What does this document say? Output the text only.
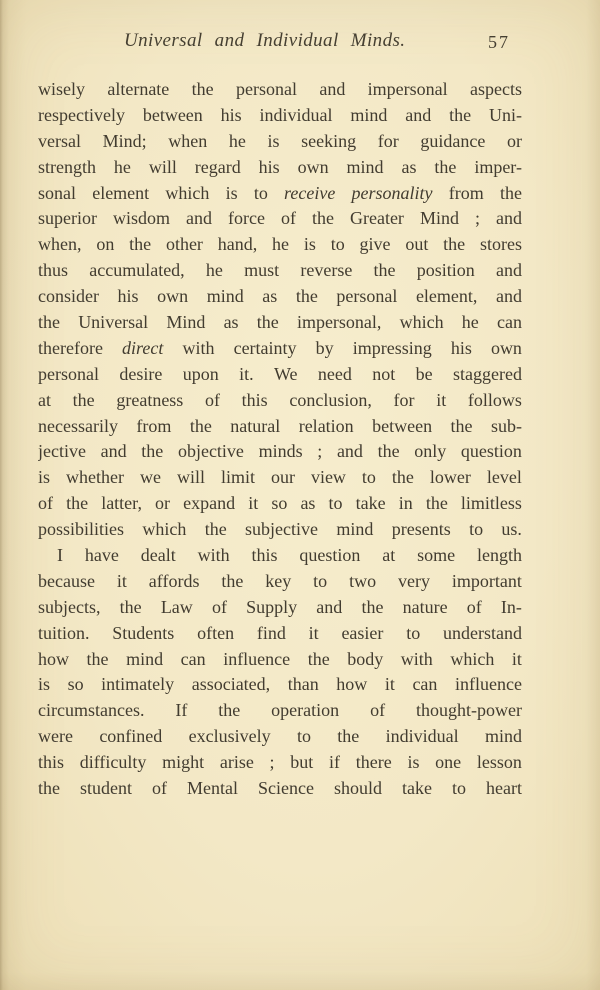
Universal and Individual Minds.	57
wisely alternate the personal and impersonal aspects
respectively between his individual mind and the Uni-
versal Mind; when he is seeking for guidance or
strength he will regard his own mind as the imper-
sonal element which is to receive personality from the
superior wisdom and force of the Greater Mind ; and
when, on the other hand, he is to give out the stores
thus accumulated, he must reverse the position and
consider his own mind as the personal element, and
the Universal Mind as the impersonal, which he can
therefore direct with certainty by impressing his own
personal desire upon it. We need not be staggered
at the greatness of this conclusion, for it follows
necessarily from the natural relation between the sub-
jective and the objective minds ; and the only question
is whether we will limit our view to the lower level
of the latter, or expand it so as to take in the limitless
possibilities which the subjective mind presents to us.
I have dealt with this question at some length
because it affords the key to two very important
subjects, the Law of Supply and the nature of In-
tuition. Students often find it easier to understand
how the mind can influence the body with which it
is so intimately associated, than how it can influence
circumstances. If the operation of thought-power
were confined exclusively to the individual mind
this difficulty might arise ; but if there is one lesson
the student of Mental Science should take to heart
